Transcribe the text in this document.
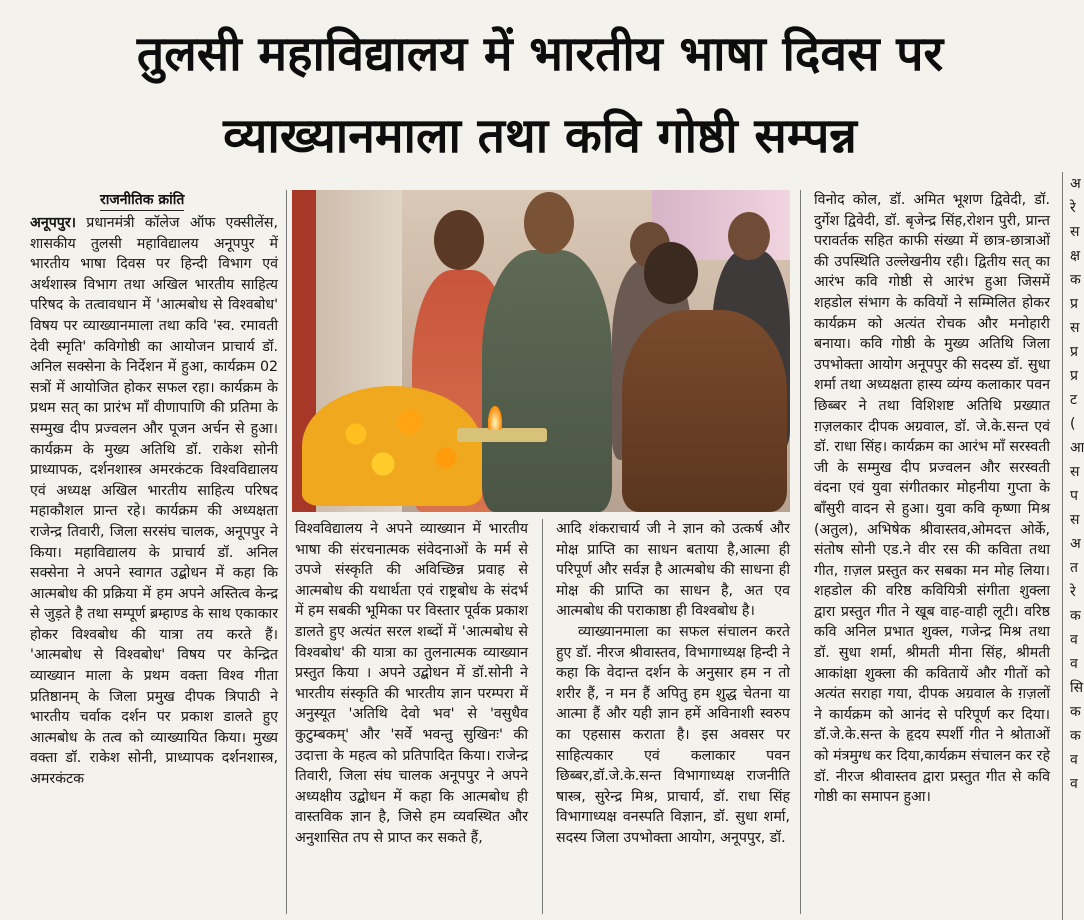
तुलसी महाविद्यालय में भारतीय भाषा दिवस पर
व्याख्यानमाला तथा कवि गोष्ठी सम्पन्न
राजनीतिक क्रांति

अनूपपुर। प्रधानमंत्री कॉलेज ऑफ एक्सीलेंस, शासकीय तुलसी महाविद्यालय अनूपपुर में भारतीय भाषा दिवस पर हिन्दी विभाग एवं अर्थशास्त्र विभाग तथा अखिल भारतीय साहित्य परिषद के तत्वावधान में 'आत्मबोध से विश्वबोध' विषय पर व्याख्यानमाला तथा कवि 'स्व. रमावती देवी स्मृति' कविगोष्ठी का आयोजन प्राचार्य डॉ. अनिल सक्सेना के निर्देशन में हुआ, कार्यक्रम 02 सत्रों में आयोजित होकर सफल रहा। कार्यक्रम के प्रथम सत् का प्रारंभ माँ वीणापाणि की प्रतिमा के सम्मुख दीप प्रज्वलन और पूजन अर्चन से हुआ। कार्यक्रम के मुख्य अतिथि डॉ. राकेश सोनी प्राध्यापक, दर्शनशास्त्र अमरकंटक विश्वविद्यालय एवं अध्यक्ष अखिल भारतीय साहित्य परिषद महाकौशल प्रान्त रहे। कार्यक्रम की अध्यक्षता राजेन्द्र तिवारी, जिला सरसंघ चालक, अनूपपुर ने किया। महाविद्यालय के प्राचार्य डॉ. अनिल सक्सेना ने अपने स्वागत उद्बोधन में कहा कि आत्मबोध की प्रक्रिया में हम अपने अस्तित्व केन्द्र से जुड़ते है तथा सम्पूर्ण ब्रम्हाण्ड के साथ एकाकार होकर विश्वबोध की यात्रा तय करते हैं। 'आत्मबोध से विश्वबोध' विषय पर केन्द्रित व्याख्यान माला के प्रथम वक्ता विश्व गीता प्रतिष्ठानम् के जिला प्रमुख दीपक त्रिपाठी ने भारतीय चर्वाक दर्शन पर प्रकाश डालते हुए आत्मबोध के तत्व को व्याख्यायित किया। मुख्य वक्ता डॉ. राकेश सोनी, प्राध्यापक दर्शनशास्त्र, अमरकंटक

विश्वविद्यालय ने अपने व्याख्यान में भारतीय भाषा की संरचनात्मक संवेदनाओं के मर्म से उपजे संस्कृति की अविच्छिन्न प्रवाह से आत्मबोध की यथार्थता एवं राष्ट्रबोध के संदर्भ में हम सबकी भूमिका पर विस्तार पूर्वक प्रकाश डालते हुए अत्यंत सरल शब्दों में 'आत्मबोध से विश्वबोध' की यात्रा का तुलनात्मक व्याख्यान प्रस्तुत किया । अपने उद्बोधन में डॉ.सोनी ने भारतीय संस्कृति की भारतीय ज्ञान परम्परा में अनुस्यूत 'अतिथि देवो भव' से 'वसुधैव कुटुम्बकम्' और 'सर्वे भवन्तु सुखिनः' की उदात्ता के महत्व को प्रतिपादित किया। राजेन्द्र तिवारी, जिला संघ चालक अनूपपुर ने अपने अध्यक्षीय उद्बोधन में कहा कि आत्मबोध ही वास्तविक ज्ञान है, जिसे हम व्यवस्थित और अनुशासित तप से प्राप्त कर सकते हैं,

आदि शंकराचार्य जी ने ज्ञान को उत्कर्ष और मोक्ष प्राप्ति का साधन बताया है,आत्मा ही परिपूर्ण और सर्वज्ञ है आत्मबोध की साधना ही मोक्ष की प्राप्ति का साधन है, अत एव आत्मबोध की पराकाष्ठा ही विश्वबोध है।

व्याख्यानमाला का सफल संचालन करते हुए डॉ. नीरज श्रीवास्तव, विभागाध्यक्ष हिन्दी ने कहा कि वेदान्त दर्शन के अनुसार हम न तो शरीर हैं, न मन हैं अपितु हम शुद्ध चेतना या आत्मा हैं और यही ज्ञान हमें अविनाशी स्वरुप का एहसास कराता है। इस अवसर पर साहित्यकार एवं कलाकार पवन छिब्बर,डॉ.जे.के.सन्त विभागाध्यक्ष राजनीति षास्त्र, सुरेन्द्र मिश्र, प्राचार्य, डॉ. राधा सिंह विभागाध्यक्ष वनस्पति विज्ञान, डॉ. सुधा शर्मा, सदस्य जिला उपभोक्ता आयोग, अनूपपुर, डॉ.

विनोद कोल, डॉ. अमित भूशण द्विवेदी, डॉ. दुर्गेश द्विवेदी, डॉ. बृजेन्द्र सिंह,रोशन पुरी, प्रान्त परावर्तक सहित काफी संख्या में छात्र-छात्राओं की उपस्थिति उल्लेखनीय रही। द्वितीय सत् का आरंभ कवि गोष्ठी से आरंभ हुआ जिसमें शहडोल संभाग के कवियों ने सम्मिलित होकर कार्यक्रम को अत्यंत रोचक और मनोहारी बनाया। कवि गोष्ठी के मुख्य अतिथि जिला उपभोक्ता आयोग अनूपपुर की सदस्य डॉ. सुधा शर्मा तथा अध्यक्षता हास्य व्यंग्य कलाकार पवन छिब्बर ने तथा विशिशष्ट अतिथि प्रख्यात ग़ज़लकार दीपक अग्रवाल, डॉ. जे.के.सन्त एवं डॉ. राधा सिंह। कार्यक्रम का आरंभ माँ सरस्वती जी के सम्मुख दीप प्रज्वलन और सरस्वती वंदना एवं युवा संगीतकार मोहनीया गुप्ता के बाँसुरी वादन से हुआ। युवा कवि कृष्णा मिश्र (अतुल), अभिषेक श्रीवास्तव,ओमदत्त ओर्के, संतोष सोनी एड.ने वीर रस की कविता तथा गीत, ग़ज़ल प्रस्तुत कर सबका मन मोह लिया। शहडोल की वरिष्ठ कवियित्री संगीता शुक्ला द्वारा प्रस्तुत गीत ने खूब वाह-वाही लूटी। वरिष्ठ कवि अनिल प्रभात शुक्ल, गजेन्द्र मिश्र तथा डॉ. सुधा शर्मा, श्रीमती मीना सिंह, श्रीमती आकांक्षा शुक्ला की कवितायें और गीतों को अत्यंत सराहा गया, दीपक अग्रवाल के ग़ज़लों ने कार्यक्रम को आनंद से परिपूर्ण कर दिया। डॉ.जे.के.सन्त के हृदय स्पर्शी गीत ने श्रोताओं को मंत्रमुग्ध कर दिया,कार्यक्रम संचालन कर रहे डॉ. नीरज श्रीवास्तव द्वारा प्रस्तुत गीत से कवि गोष्ठी का समापन हुआ।

अ रे स क्ष क प्र स प्र प्र ट ( आ स प स अ त रे क व व सि क क व व
